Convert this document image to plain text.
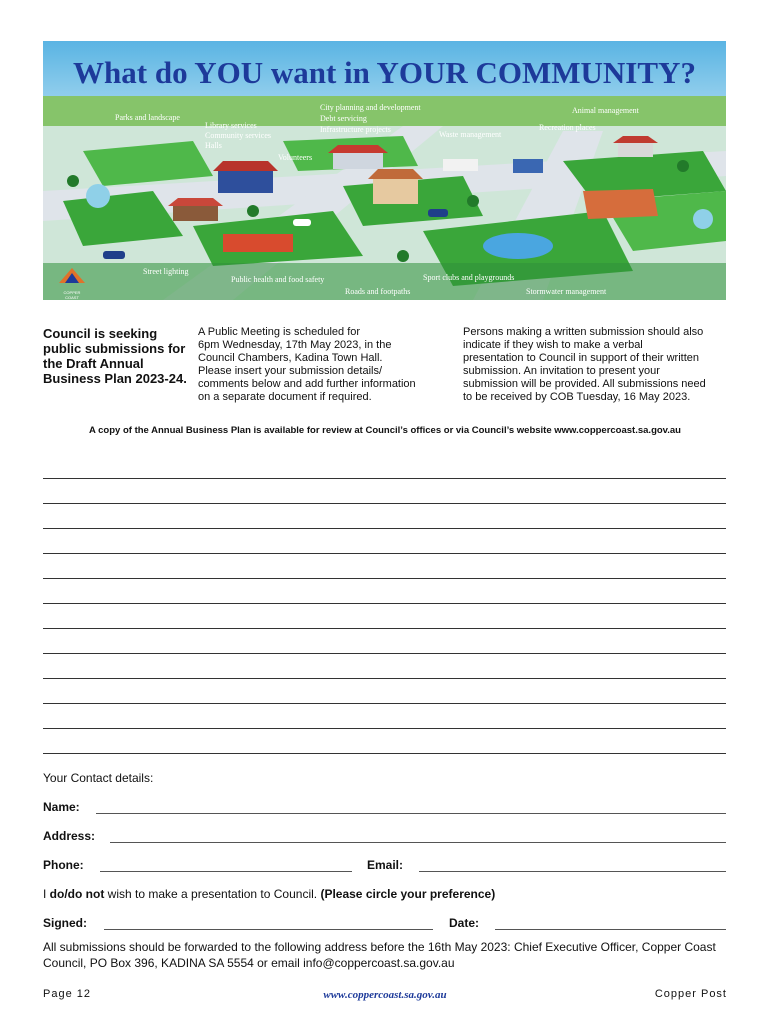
What do YOU want in YOUR COMMUNITY?
Parks and landscape
Library services
Community services
Halls
Volunteers
City planning and development
Debt servicing
Infrastructure projects
Waste management
Animal management
Recreation places
Street lighting
Public health and food safety	Sport clubs and playgrounds
Roads and footpaths	Stormwater management
COPPER COAST
Council is seeking public submissions for the Draft Annual Business Plan 2023-24.
A Public Meeting is scheduled for
6pm Wednesday, 17th May 2023, in the
Council Chambers, Kadina Town Hall.
Please insert your submission details/
comments below and add further information
on a separate document if required.
Persons making a written submission should also
indicate if they wish to make a verbal
presentation to Council in support of their written
submission. An invitation to present your
submission will be provided. All submissions need
to be received by COB Tuesday, 16 May 2023.
A copy of the Annual Business Plan is available for review at Council’s offices or via Council’s website www.coppercoast.sa.gov.au
Your Contact details:
Name:
Address:
Phone:	Email:
I do/do not wish to make a presentation to Council. (Please circle your preference)
Signed:	Date:
All submissions should be forwarded to the following address before the 16th May 2023: Chief Executive Officer, Copper Coast Council, PO Box 396, KADINA SA 5554 or email info@coppercoast.sa.gov.au
Page 12	www.coppercoast.sa.gov.au	Copper Post
